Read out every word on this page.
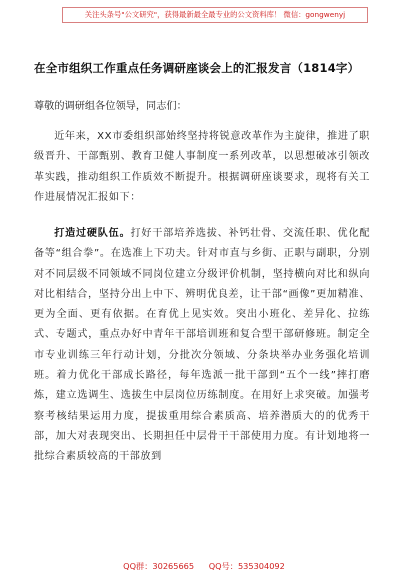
关注头条号"公文研究"，获得最新最全最专业的公文资料库！ 微信：gongwenyj
在全市组织工作重点任务调研座谈会上的汇报发言（1814字）
尊敬的调研组各位领导，同志们：

近年来，XX市委组织部始终坚持将锐意改革作为主旋律，推进了职级晋升、干部甄别、教育卫健人事制度一系列改革，以思想破冰引领改革实践，推动组织工作质效不断提升。根据调研座谈要求，现将有关工作进展情况汇报如下：

打造过硬队伍。打好干部培养选拔、补钙壮骨、交流任职、优化配备等“组合拳”。在选准上下功夫。针对市直与乡街、正职与副职，分别对不同层级不同领域不同岗位建立分级评价机制，坚持横向对比和纵向对比相结合，坚持分出上中下、辨明优良差，让干部“画像”更加精准、更为全面、更有依据。在育优上见实效。突出小班化、差异化、拉练式、专题式，重点办好中青年干部培训班和复合型干部研修班。制定全市专业训练三年行动计划，分批次分领域、分条块举办业务强化培训班。着力优化干部成长路径，每年选派一批干部到“五个一线”摔打磨炼，建立选调生、选拔生中层岗位历练制度。在用好上求突破。加强考察考核结果运用力度，提拔重用综合素质高、培养潜质大的的优秀干部，加大对表现突出、长期担任中层骨干干部使用力度。有计划地将一批综合素质较高的干部放到

QQ群：30265665 QQ号：535304092
